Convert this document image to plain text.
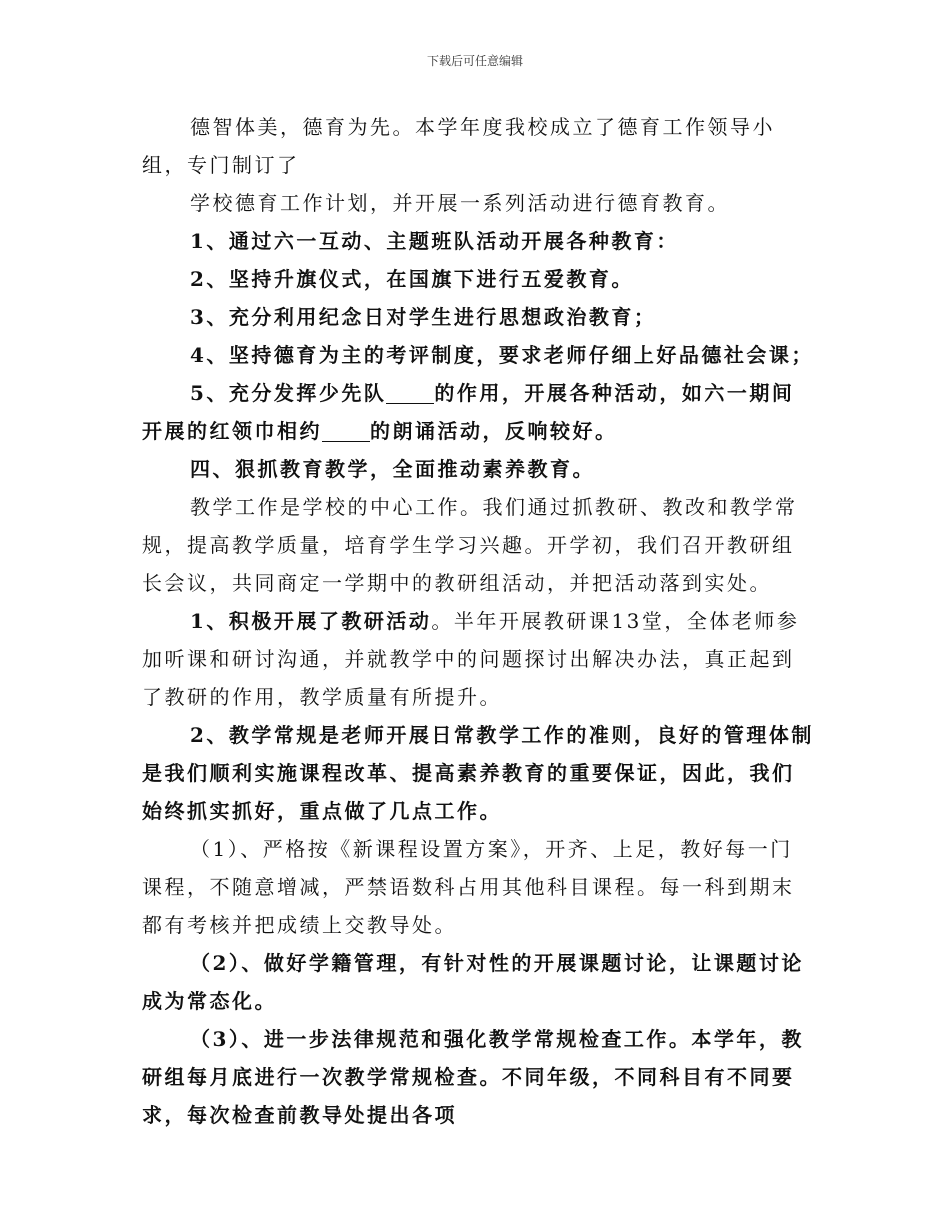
下载后可任意编辑

德智体美，德育为先。本学年度我校成立了德育工作领导小组，专门制订了

学校德育工作计划，并开展一系列活动进行德育教育。

1、通过六一互动、主题班队活动开展各种教育：

2、坚持升旗仪式，在国旗下进行五爱教育。

3、充分利用纪念日对学生进行思想政治教育；

4、坚持德育为主的考评制度，要求老师仔细上好品德社会课；

5、充分发挥少先队 的作用，开展各种活动，如六一期间开展的红领巾相约 的朗诵活动，反响较好。

四、狠抓教育教学，全面推动素养教育。

教学工作是学校的中心工作。我们通过抓教研、教改和教学常规，提高教学质量，培育学生学习兴趣。开学初，我们召开教研组长会议，共同商定一学期中的教研组活动，并把活动落到实处。

1、积极开展了教研活动。半年开展教研课13堂，全体老师参加听课和研讨沟通，并就教学中的问题探讨出解决办法，真正起到了教研的作用，教学质量有所提升。

2、教学常规是老师开展日常教学工作的准则，良好的管理体制是我们顺利实施课程改革、提高素养教育的重要保证，因此，我们始终抓实抓好，重点做了几点工作。

（1）、严格按《新课程设置方案》，开齐、上足，教好每一门课程，不随意增减，严禁语数科占用其他科目课程。每一科到期末都有考核并把成绩上交教导处。

（2）、做好学籍管理，有针对性的开展课题讨论，让课题讨论成为常态化。

（3）、进一步法律规范和强化教学常规检查工作。本学年，教研组每月底进行一次教学常规检查。不同年级，不同科目有不同要求，每次检查前教导处提出各项
